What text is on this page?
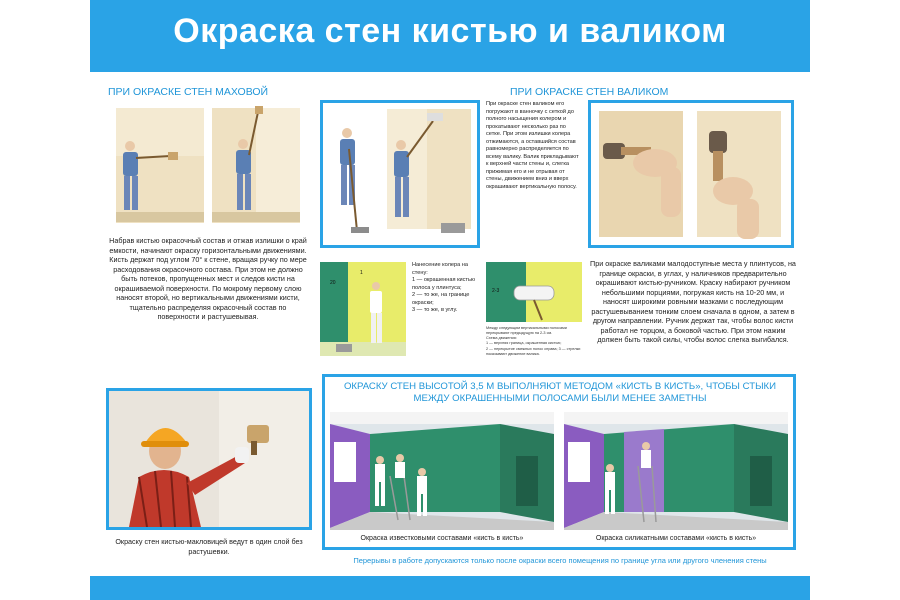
Окраска стен кистью и валиком
ПРИ ОКРАСКЕ СТЕН МАХОВОЙ
Набрав кистью окрасочный состав и отжав излишки о край емкости, начинают окраску горизонтальными движениями. Кисть держат под углом 70° к стене, вращая ручку по мере расходования окрасочного состава. При этом не должно быть потеков, пропущенных мест и следов кисти на окрашиваемой поверхности. По мокрому первому слою наносят второй, но вертикальными движениями кисти, тщательно распределяя окрасочный состав по поверхности и растушевывая.
ПРИ ОКРАСКЕ СТЕН ВАЛИКОМ
При окраске стен валиком его погружают в ванночку с сеткой до полного насыщения колером и прокатывают несколько раз по сетке. При этом излишки колера отжимаются, а оставшийся состав равномерно распределяется по всему валику. Валик прикладывают к верхней части стены и, слегка прижимая его и не отрывая от стены, движением вниз и вверх окрашивают вертикальную полосу.
20
1
Нанесение колера на стену:
1 — окрашенная кистью полоса у плинтуса;
2 — то же, на границе окраски;
3 — то же, в углу.
2-3
Между следующим вертикальными полосами перекрывают предыдущую на 2-3 см.
Схема движения:
1 — верхняя граница, окрашенная кистью;
2 — перекрытие смежных полос справа; 3 — стрелки показывают движение валика.
При окраске валиками малодоступные места у плинтусов, на границе окраски, в углах, у наличников предварительно окрашивают кистью-ручником. Краску набирают ручником небольшими порциями, погружая кисть на 10-20 мм, и наносят широкими ровными мазками с последующим растушевыванием тонким слоем сначала в одном, а затем в другом направлении. Ручник держат так, чтобы волос кисти работал не торцом, а боковой частью. При этом нажим должен быть такой силы, чтобы волос слегка выгибался.
Окраску стен кистью-макловицей ведут в один слой без растушевки.
ОКРАСКУ СТЕН ВЫСОТОЙ 3,5 М ВЫПОЛНЯЮТ МЕТОДОМ «КИСТЬ В КИСТЬ», ЧТОБЫ СТЫКИ МЕЖДУ ОКРАШЕННЫМИ ПОЛОСАМИ БЫЛИ МЕНЕЕ ЗАМЕТНЫ
Окраска известковыми составами «кисть в кисть»	Окраска силикатными составами «кисть в кисть»
Перерывы в работе допускаются только после окраски всего помещения по границе угла или другого членения стены
